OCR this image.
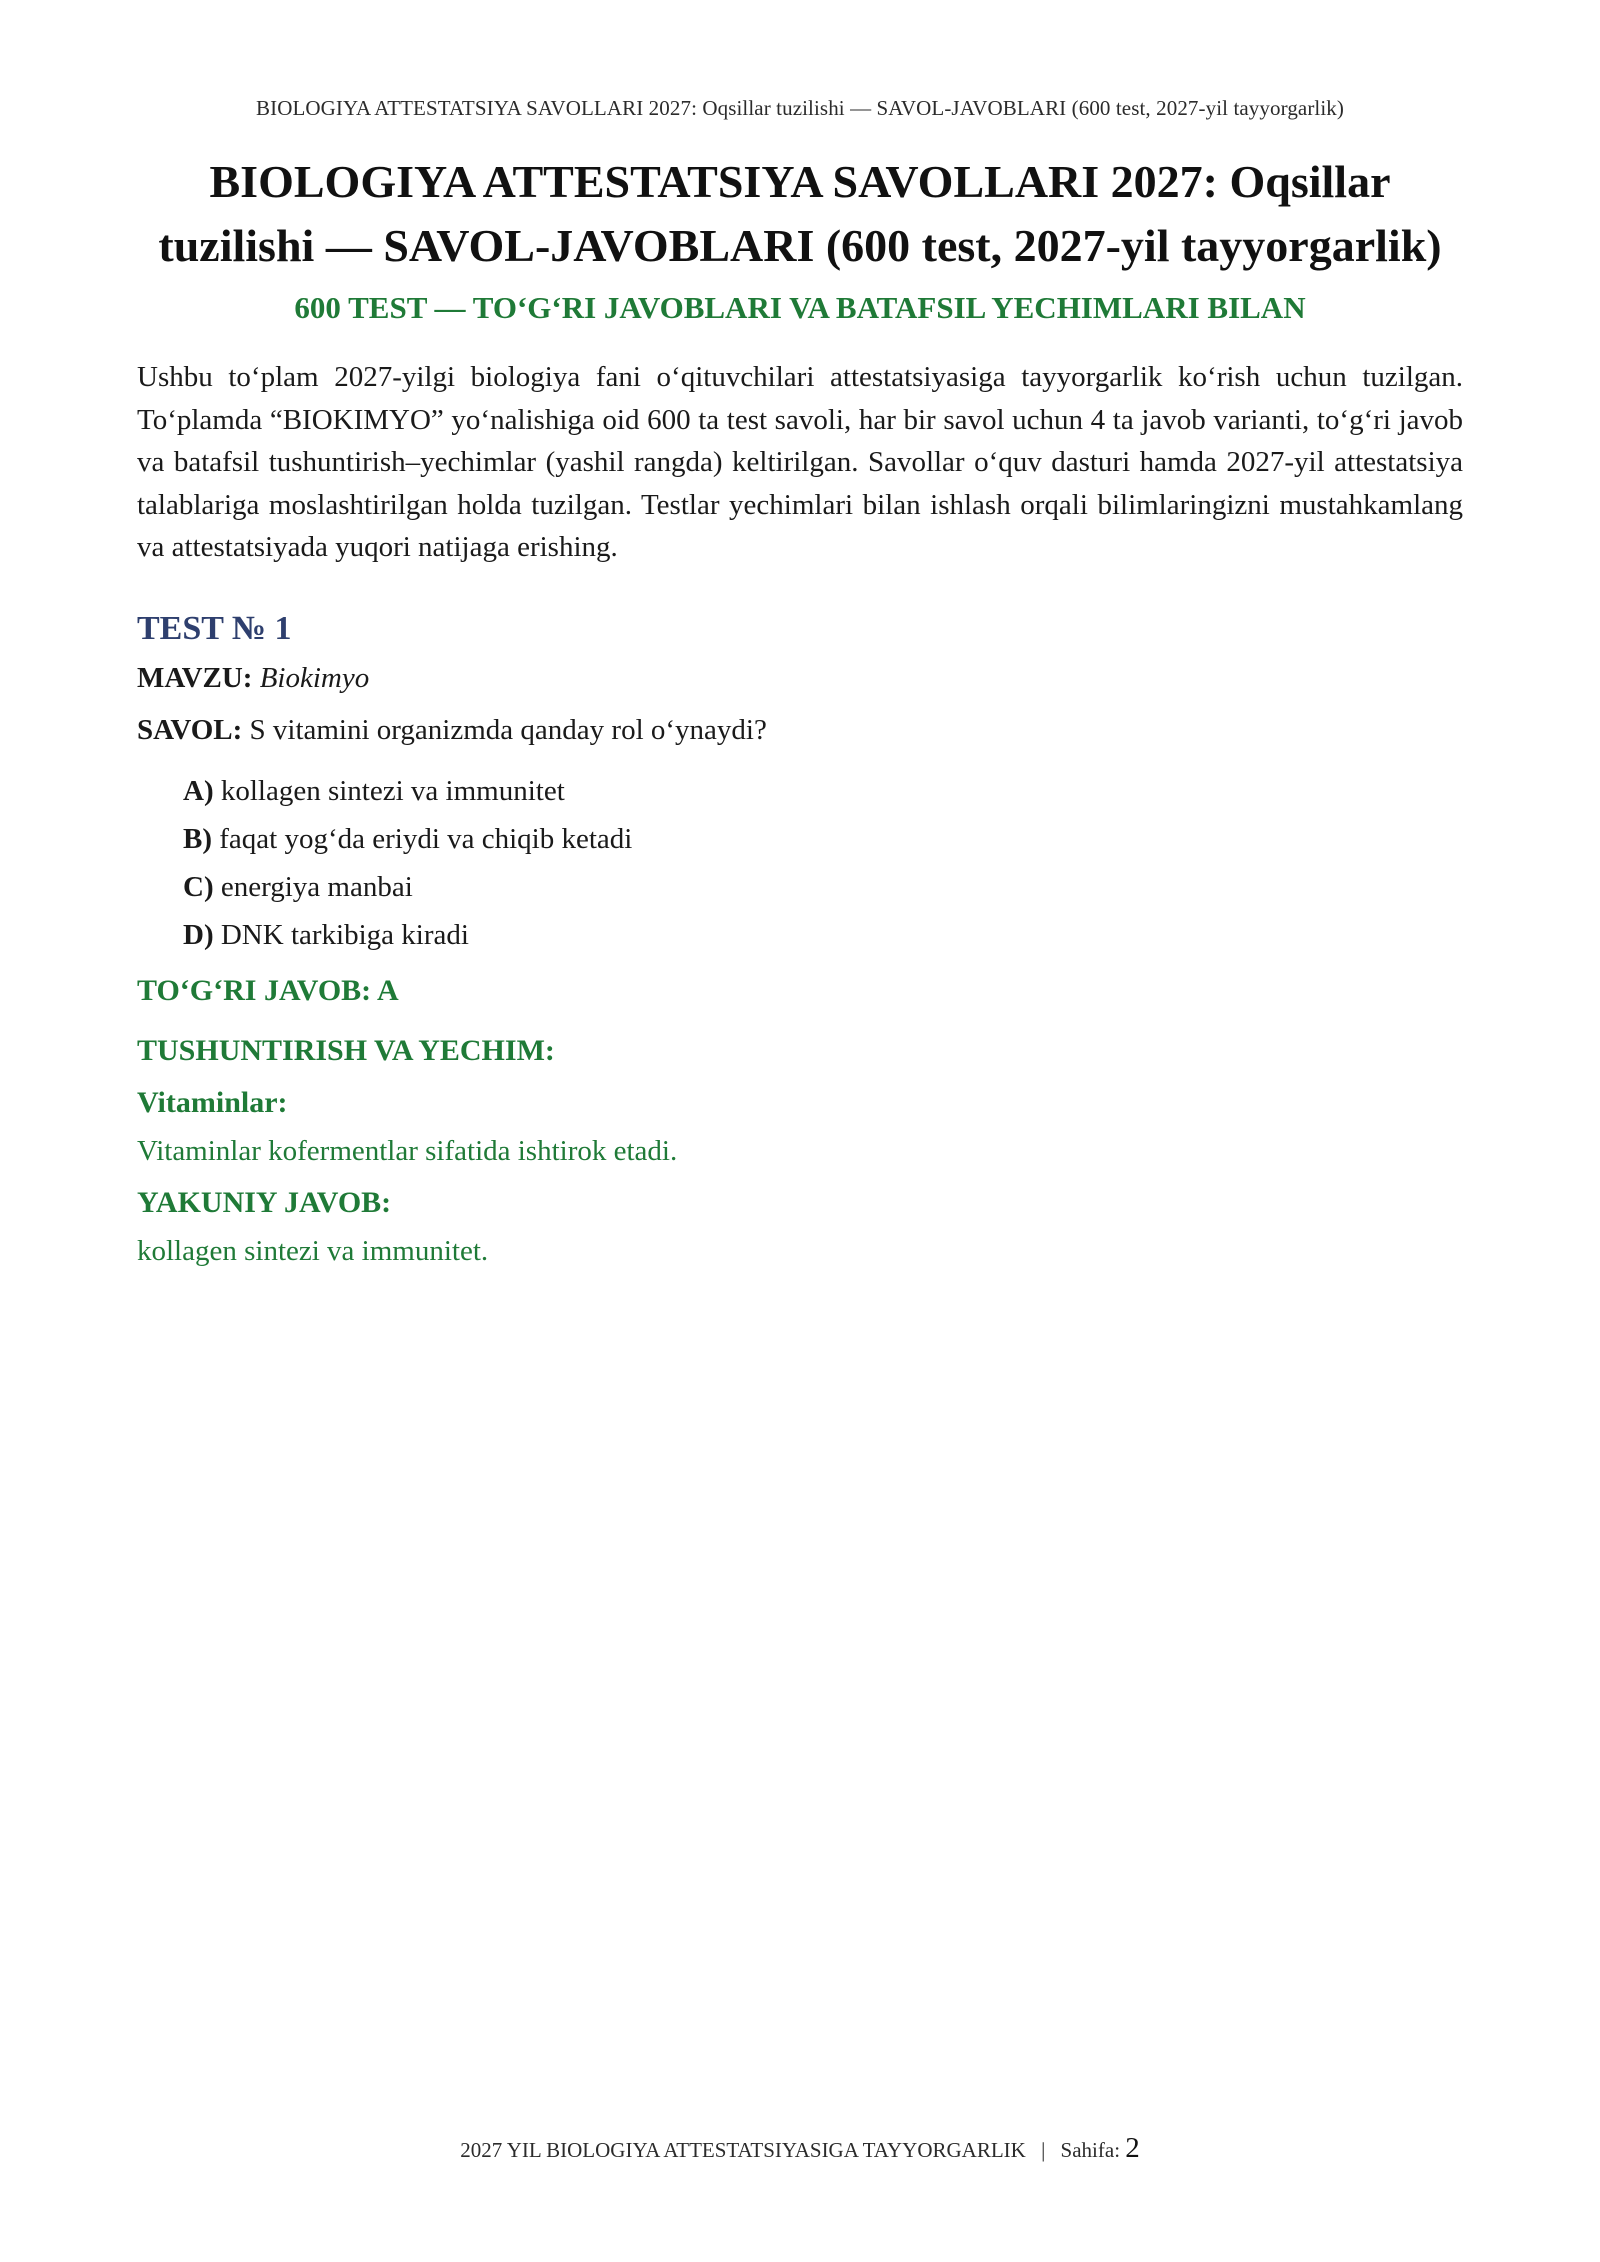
BIOLOGIYA ATTESTATSIYA SAVOLLARI 2027: Oqsillar tuzilishi — SAVOL-JAVOBLARI (600 test, 2027-yil tayyorgarlik)
BIOLOGIYA ATTESTATSIYA SAVOLLARI 2027: Oqsillar tuzilishi — SAVOL-JAVOBLARI (600 test, 2027-yil tayyorgarlik)
600 TEST — TO‘G‘RI JAVOBLARI VA BATAFSIL YECHIMLARI BILAN

Ushbu to‘plam 2027-yilgi biologiya fani o‘qituvchilari attestatsiyasiga tayyorgarlik ko‘rish uchun tuzilgan. To‘plamda “BIOKIMYO” yo‘nalishiga oid 600 ta test savoli, har bir savol uchun 4 ta javob varianti, to‘g‘ri javob va batafsil tushuntirish–yechimlar (yashil rangda) keltirilgan. Savollar o‘quv dasturi hamda 2027-yil attestatsiya talablariga moslashtirilgan holda tuzilgan. Testlar yechimlari bilan ishlash orqali bilimlaringizni mustahkamlang va attestatsiyada yuqori natijaga erishing.

TEST № 1
MAVZU: Biokimyo
SAVOL: S vitamini organizmda qanday rol o‘ynaydi?
A) kollagen sintezi va immunitet
B) faqat yog‘da eriydi va chiqib ketadi
C) energiya manbai
D) DNK tarkibiga kiradi
TO‘G‘RI JAVOB: A
TUSHUNTIRISH VA YECHIM:
Vitaminlar:
Vitaminlar kofermentlar sifatida ishtirok etadi.
YAKUNIY JAVOB:
kollagen sintezi va immunitet.
2027 YIL BIOLOGIYA ATTESTATSIYASIGA TAYYORGARLIK | Sahifa: 2
